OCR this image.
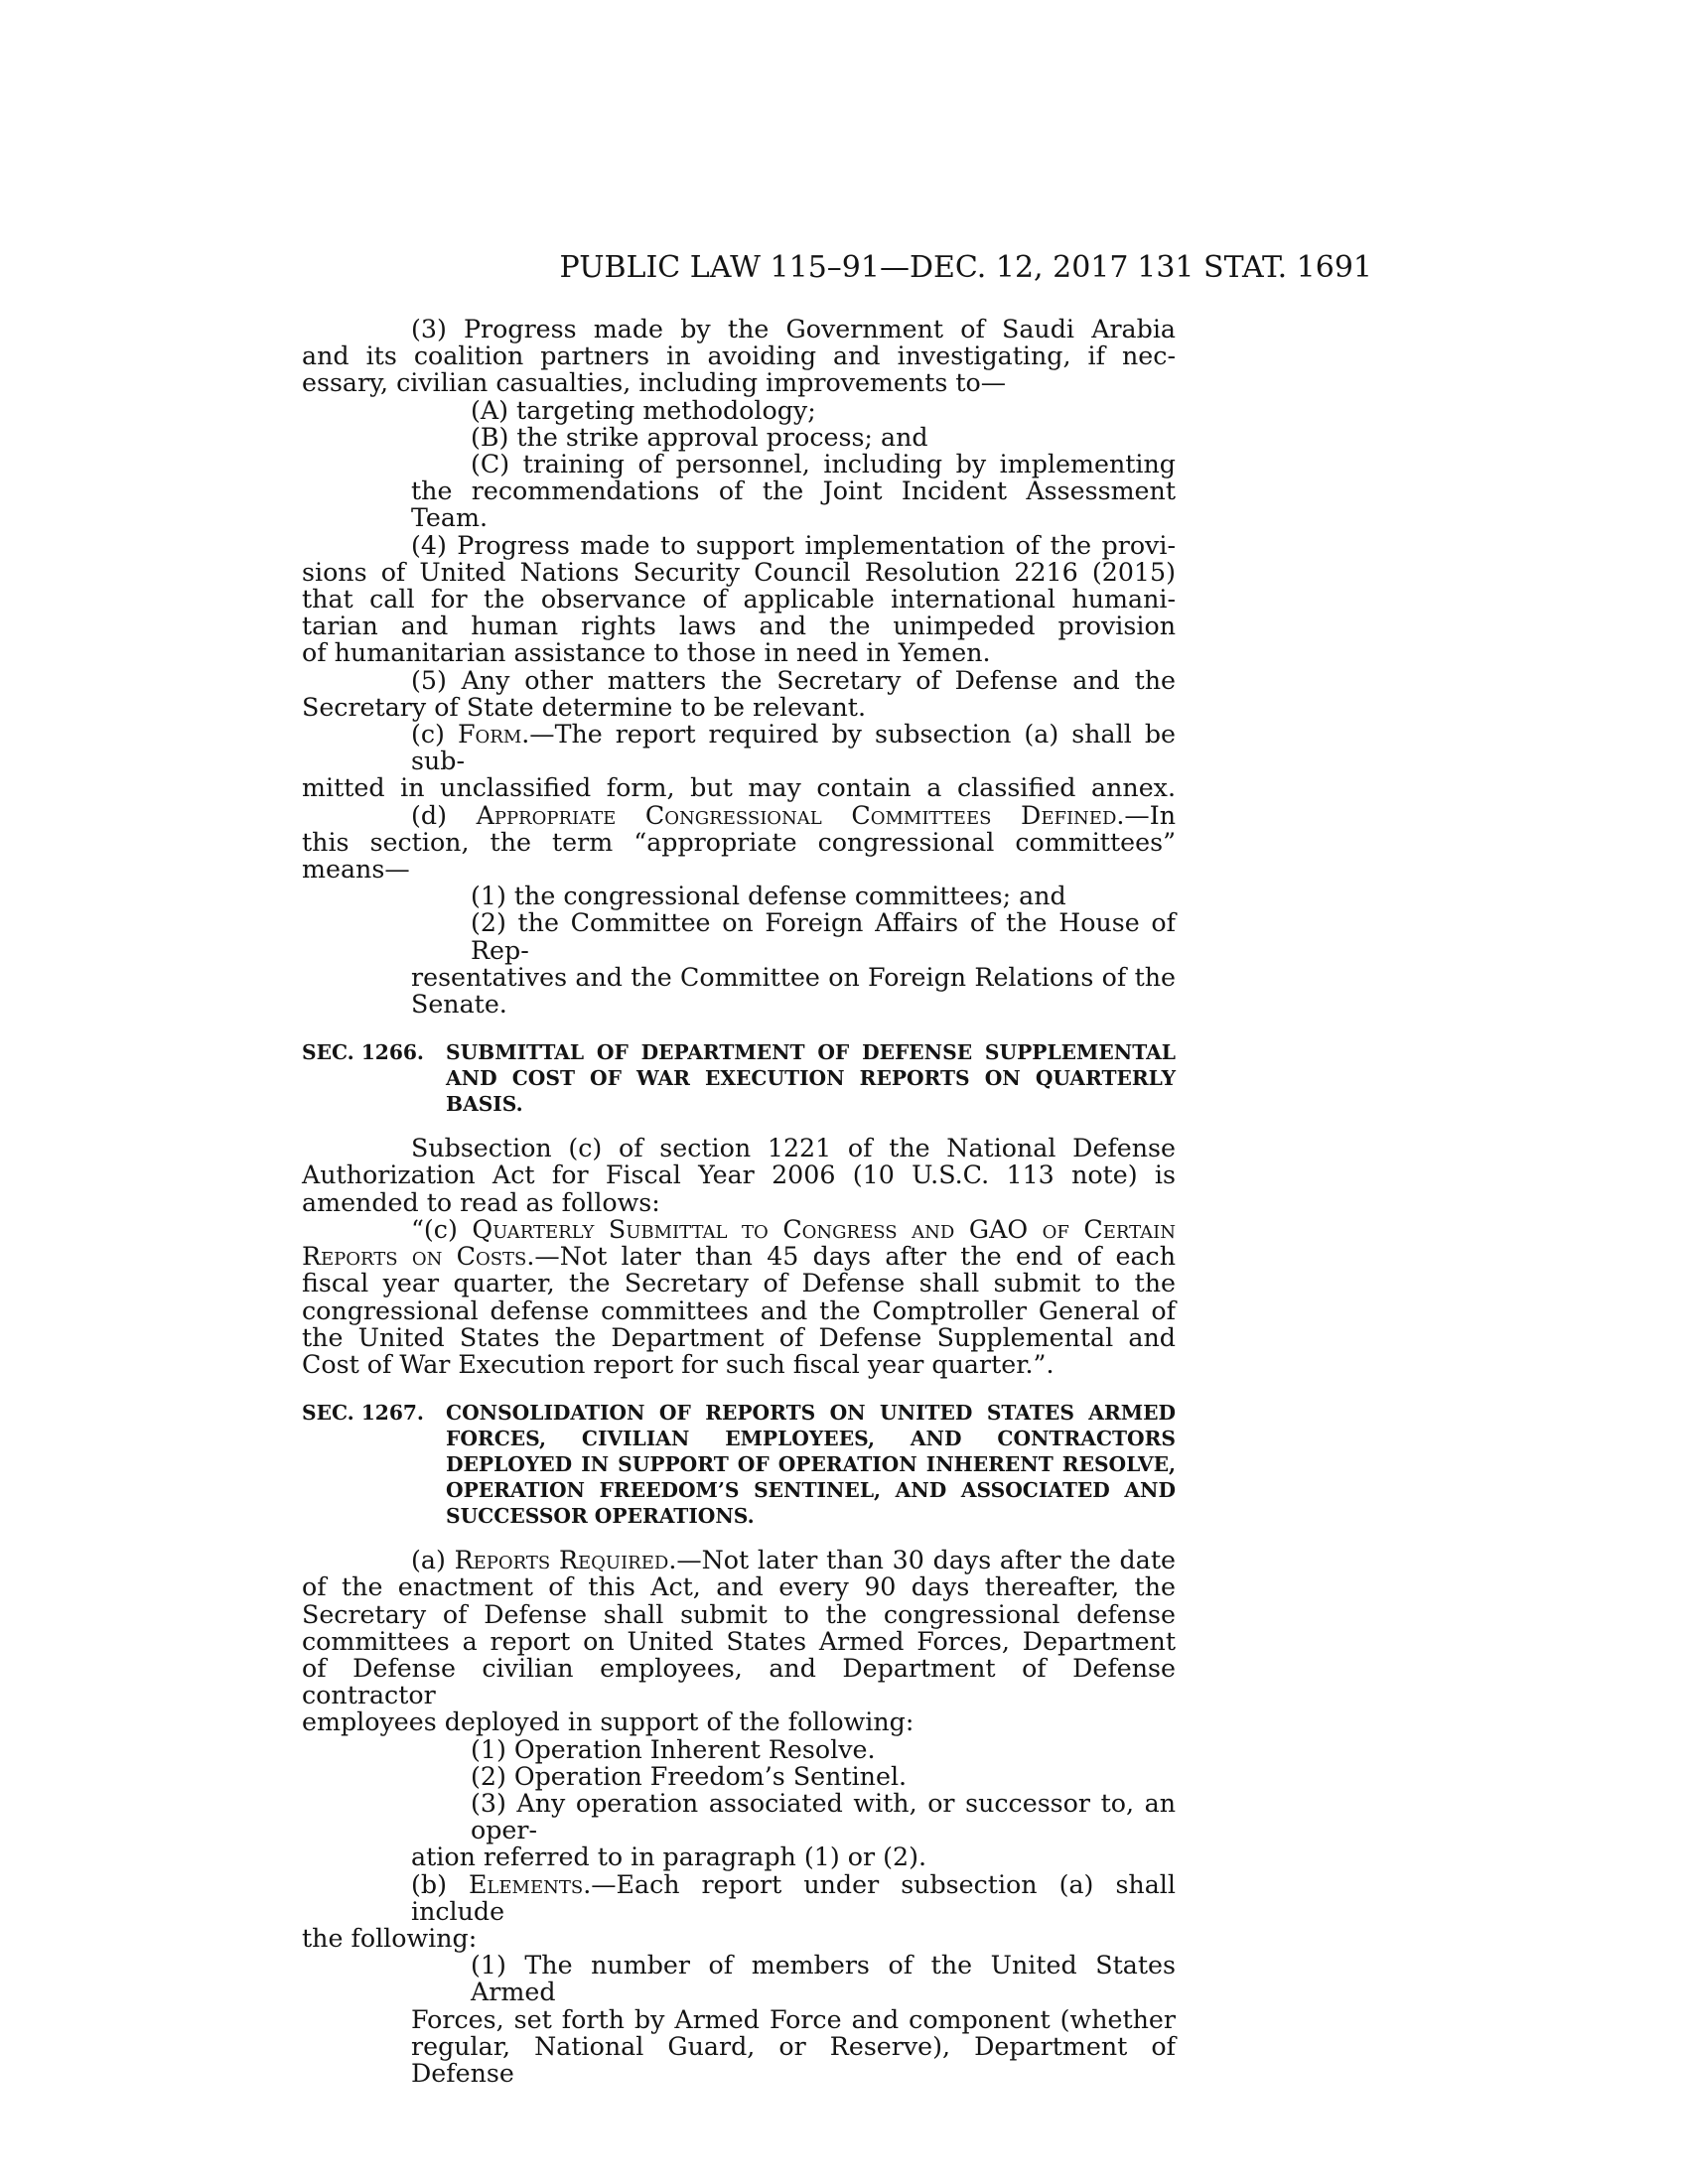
PUBLIC LAW 115–91—DEC. 12, 2017 131 STAT. 1691

(3) Progress made by the Government of Saudi Arabia

and its coalition partners in avoiding and investigating, if nec-

essary, civilian casualties, including improvements to—

(A) targeting methodology;

(B) the strike approval process; and

(C) training of personnel, including by implementing

the recommendations of the Joint Incident Assessment

Team.

(4) Progress made to support implementation of the provi-

sions of United Nations Security Council Resolution 2216 (2015)

that call for the observance of applicable international humani-

tarian and human rights laws and the unimpeded provision

of humanitarian assistance to those in need in Yemen.

(5) Any other matters the Secretary of Defense and the

Secretary of State determine to be relevant.

(c) Form.—The report required by subsection (a) shall be sub-

mitted in unclassified form, but may contain a classified annex.

(d) Appropriate Congressional Committees Defined.—In

this section, the term “appropriate congressional committees”

means—

(1) the congressional defense committees; and

(2) the Committee on Foreign Affairs of the House of Rep-

resentatives and the Committee on Foreign Relations of the

Senate.

SEC. 1266.	SUBMITTAL OF DEPARTMENT OF DEFENSE SUPPLEMENTAL AND COST OF WAR EXECUTION REPORTS ON QUARTERLY BASIS.

Subsection (c) of section 1221 of the National Defense

Authorization Act for Fiscal Year 2006 (10 U.S.C. 113 note) is

amended to read as follows:

“(c) Quarterly Submittal to Congress and GAO of Certain

Reports on Costs.—Not later than 45 days after the end of each

fiscal year quarter, the Secretary of Defense shall submit to the

congressional defense committees and the Comptroller General of

the United States the Department of Defense Supplemental and

Cost of War Execution report for such fiscal year quarter.”.

SEC. 1267.	CONSOLIDATION OF REPORTS ON UNITED STATES ARMED FORCES, CIVILIAN EMPLOYEES, AND CONTRACTORS DEPLOYED IN SUPPORT OF OPERATION INHERENT RESOLVE, OPERATION FREEDOM’S SENTINEL, AND ASSOCIATED AND SUCCESSOR OPERATIONS.

(a) Reports Required.—Not later than 30 days after the date

of the enactment of this Act, and every 90 days thereafter, the

Secretary of Defense shall submit to the congressional defense

committees a report on United States Armed Forces, Department

of Defense civilian employees, and Department of Defense contractor

employees deployed in support of the following:

(1) Operation Inherent Resolve.

(2) Operation Freedom’s Sentinel.

(3) Any operation associated with, or successor to, an oper-

ation referred to in paragraph (1) or (2).

(b) Elements.—Each report under subsection (a) shall include

the following:

(1) The number of members of the United States Armed

Forces, set forth by Armed Force and component (whether

regular, National Guard, or Reserve), Department of Defense
